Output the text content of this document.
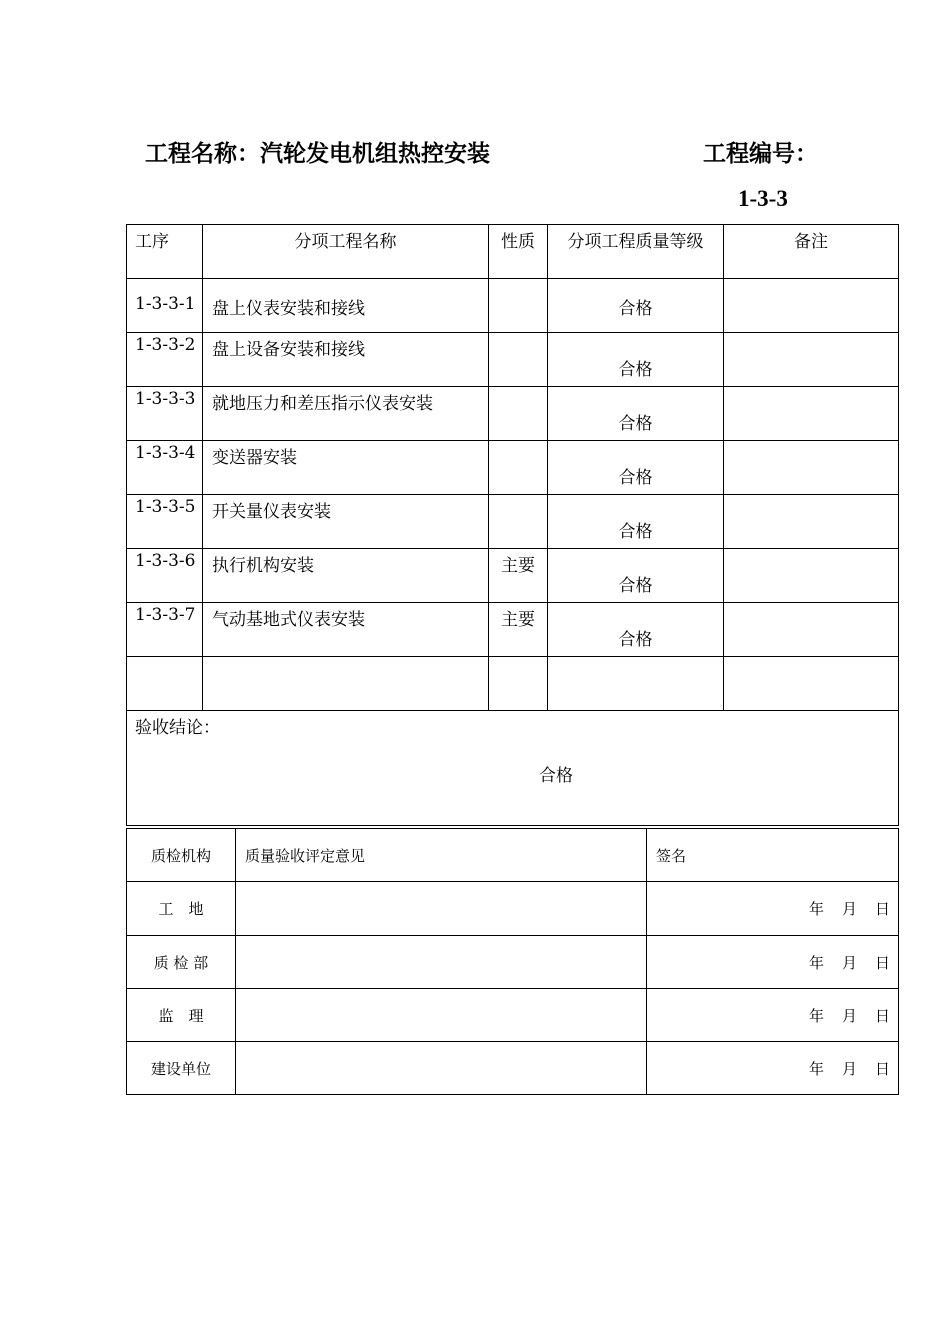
工程名称：汽轮发电机组热控安装	工程编号：
1-3-3
工序	分项工程名称	性质	分项工程质量等级	备注
1-3-3-1	盘上仪表安装和接线		合格	
1-3-3-2	盘上设备安装和接线		合格	
1-3-3-3	就地压力和差压指示仪表安装		合格	
1-3-3-4	变送器安装		合格	
1-3-3-5	开关量仪表安装		合格	
1-3-3-6	执行机构安装	主要	合格	
1-3-3-7	气动基地式仪表安装	主要	合格	

验收结论：
合格				
质检机构	质量验收评定意见	签名
工　地		年 月 日
质 检 部		年 月 日
监　理		年 月 日
建设单位		年 月 日
